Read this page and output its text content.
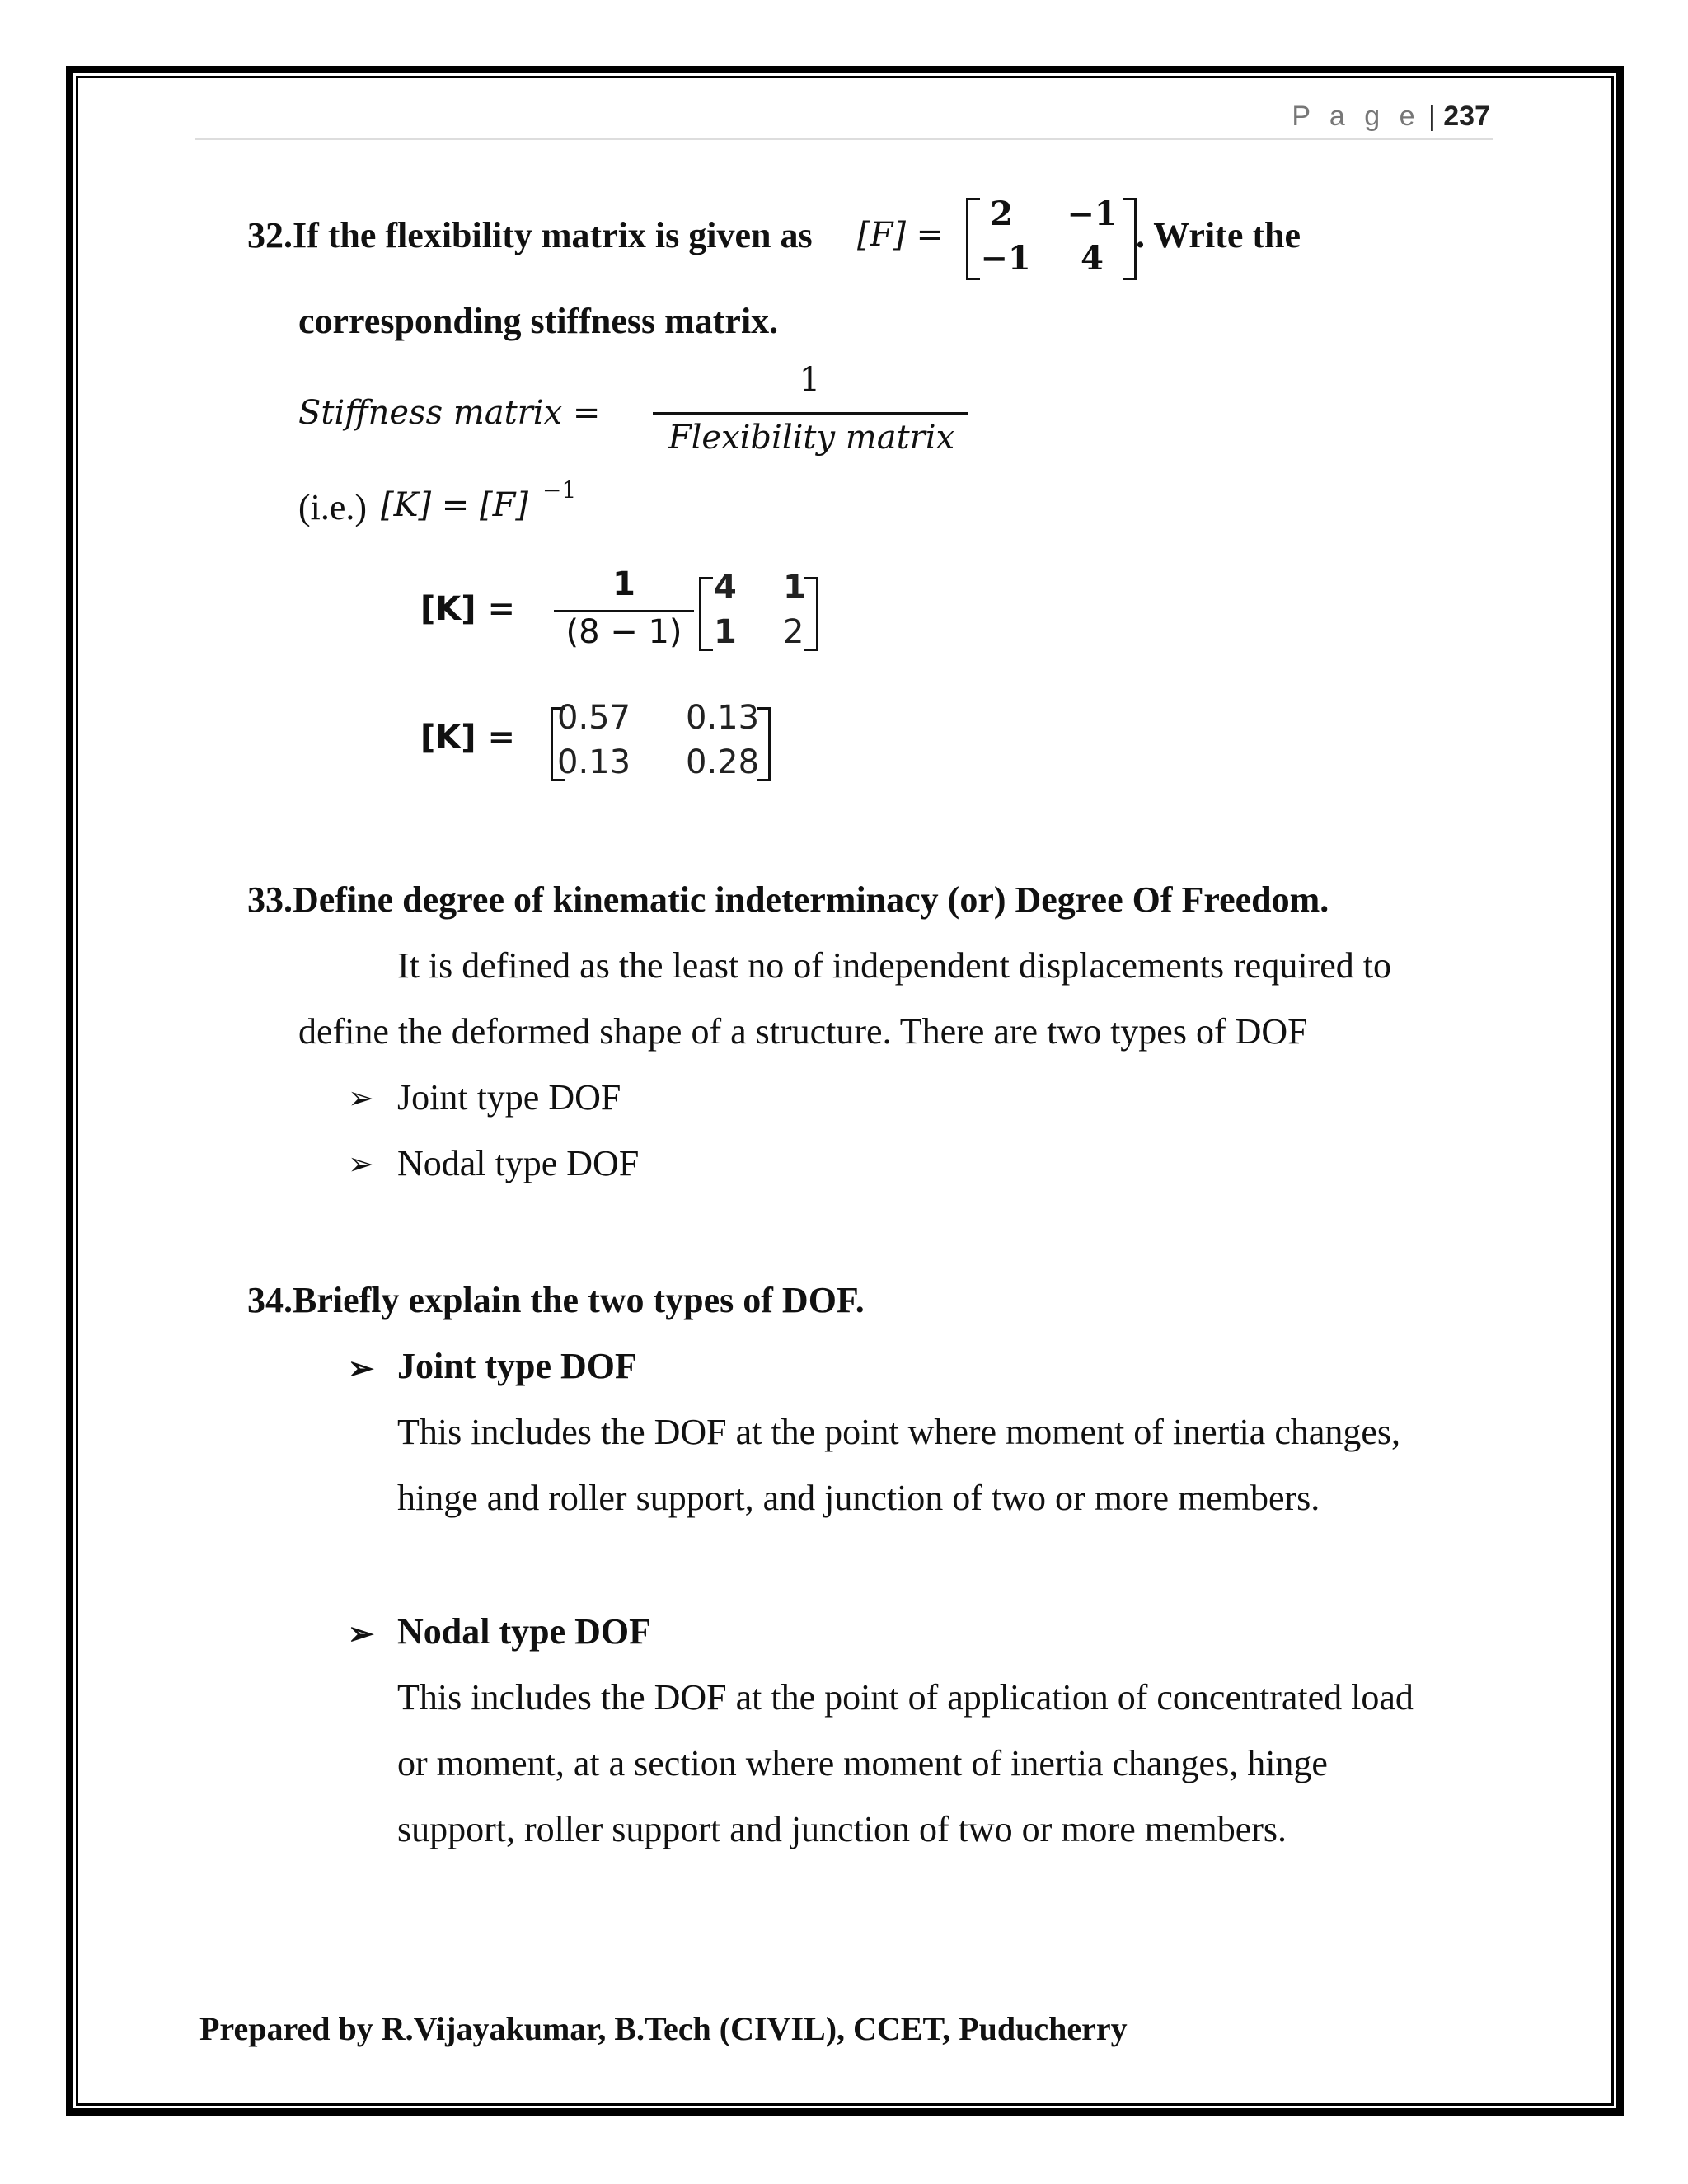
P a g e | 237
32.If the flexibility matrix is given as [F] =
2 −1
−1 4
. Write the
corresponding stiffness matrix.
Stiffness matrix =
1
Flexibility matrix
(i.e.) [K] = [F] −1
[K] =
1
(8 − 1)
4 1
1 2
[K] =
0.57 0.13
0.13 0.28
33.Define degree of kinematic indeterminacy (or) Degree Of Freedom.
It is defined as the least no of independent displacements required to
define the deformed shape of a structure. There are two types of DOF
➢ Joint type DOF
➢ Nodal type DOF
34.Briefly explain the two types of DOF.
➢ Joint type DOF
This includes the DOF at the point where moment of inertia changes,
hinge and roller support, and junction of two or more members.
➢ Nodal type DOF
This includes the DOF at the point of application of concentrated load
or moment, at a section where moment of inertia changes, hinge
support, roller support and junction of two or more members.
Prepared by R.Vijayakumar, B.Tech (CIVIL), CCET, Puducherry
